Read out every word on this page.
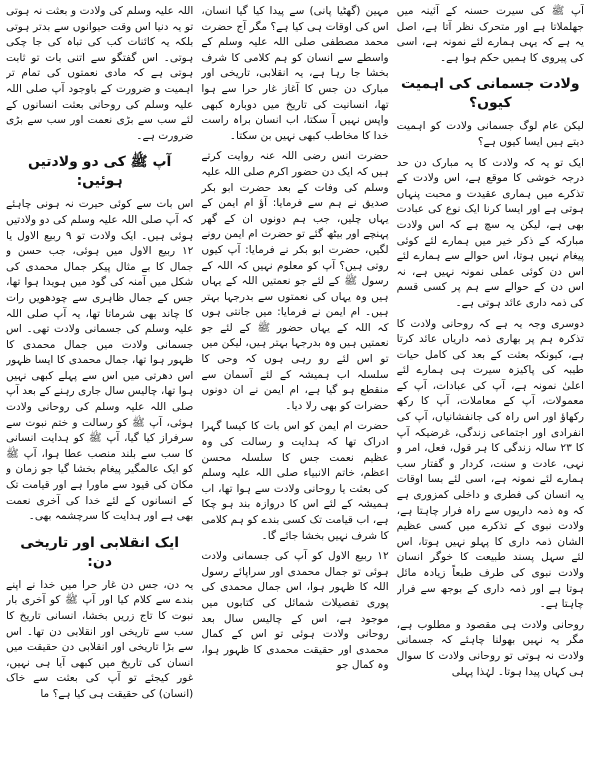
اللہ علیہ وسلم کی ولادت و بعثت نہ ہوتی تو یہ دنیا اس وقت حیوانوں سے بدتر ہوتی بلکہ یہ کائنات کب کی تباہ کی جا چکی ہوتی۔ اس گفتگو سے اتنی بات تو ثابت ہوتی ہے کہ مادی نعمتوں کی تمام تر اہمیت و ضرورت کے باوجود آپ صلی اللہ علیہ وسلم کی روحانی بعثت انسانوں کے لئے سب سے بڑی نعمت اور سب سے بڑی ضرورت ہے۔

آپ ﷺ کی دو ولادتیں ہوئیں:

اس بات سے کوئی حیرت نہ ہونی چاہئے کہ آپ صلی اللہ علیہ وسلم کی دو ولادتیں ہوئی ہیں۔ ایک ولادت تو ۹ ربیع الاول یا ۱۲ ربیع الاول میں ہوئی، جب حسن و جمال کا بے مثال پیکر جمال محمدی کی شکل میں آمنہ کی گود میں ہویدا ہوا تھا، جس کے جمال ظاہری سے چودھویں رات کا چاند بھی شرماتا تھا، یہ آپ صلی اللہ علیہ وسلم کی جسمانی ولادت تھی۔ اس جسمانی ولادت میں جمال محمدی کا ظہور ہوا تھا، جمال محمدی کا ایسا ظہور اس دھرتی میں اس سے پہلے کبھی نہیں ہوا تھا، چالیس سال جاری رہنے کے بعد آپ صلی اللہ علیہ وسلم کی روحانی ولادت ہوئی، آپ ﷺ کو رسالت و ختم نبوت سے سرفراز کیا گیا، آپ ﷺ کو ہدایت انسانی کا سب سے بلند منصب عطا ہوا، آپ ﷺ کو ایک عالمگیر پیغام بخشا گیا جو زمان و مکان کی قیود سے ماورا ہے اور قیامت تک کے انسانوں کے لئے خدا کی آخری نعمت بھی ہے اور ہدایت کا سرچشمہ بھی۔

ایک انقلابی اور تاریخی دن:

یہ دن، جس دن غار حرا میں خدا نے اپنے بندے سے کلام کیا اور آپ ﷺ کو آخری بار نبوت کا تاج زریں بخشا، انسانی تاریخ کا سب سے تاریخی اور انقلابی دن تھا۔ اس سے بڑا تاریخی اور انقلابی دن حقیقت میں انسان کی تاریخ میں کبھی آیا ہی نہیں، غور کیجئے تو آپ کی بعثت سے خاک (انسان) کی حقیقت ہی کیا ہے؟ ما

مہین (گھٹیا پانی) سے پیدا کیا گیا انسان، اس کی اوقات ہی کیا ہے؟ مگر آج حضرت محمد مصطفی صلی اللہ علیہ وسلم کے واسطے سے انسان کو ہم کلامی کا شرف بخشا جا رہا ہے، یہ انقلابی، تاریخی اور مبارک دن جس کا آغاز غار حرا سے ہوا تھا، انسانیت کی تاریخ میں دوبارہ کبھی واپس نہیں آ سکتا، اب انسان براہ راست خدا کا مخاطب کبھی نہیں بن سکتا۔

حضرت انس رضی اللہ عنہ روایت کرتے ہیں کہ ایک دن حضور اکرم صلی اللہ علیہ وسلم کی وفات کے بعد حضرت ابو بکر صدیق نے ہم سے فرمایا: آؤ ام ایمن کے یہاں چلیں، جب ہم دونوں ان کے گھر پہنچے اور بیٹھ گئے تو حضرت ام ایمن رونے لگیں، حضرت ابو بکر نے فرمایا: آپ کیوں روتی ہیں؟ آپ کو معلوم نہیں کہ اللہ کے رسول ﷺ کے لئے جو نعمتیں اللہ کے یہاں ہیں وہ یہاں کی نعمتوں سے بدرجہا بہتر ہیں۔ ام ایمن نے فرمایا: میں جانتی ہوں کہ اللہ کے یہاں حضور ﷺ کے لئے جو نعمتیں ہیں وہ بدرجہا بہتر ہیں، لیکن میں تو اس لئے رو رہی ہوں کہ وحی کا سلسلہ اب ہمیشہ کے لئے آسمان سے منقطع ہو گیا ہے، ام ایمن نے ان دونوں حضرات کو بھی رلا دیا۔

حضرت ام ایمن کو اس بات کا کیسا گہرا ادراک تھا کہ ہدایت و رسالت کی وہ عظیم نعمت جس کا سلسلہ محسن اعظم، خاتم الانبیاء صلی اللہ علیہ وسلم کی بعثت یا روحانی ولادت سے ہوا تھا، اب ہمیشہ کے لئے اس کا دروازہ بند ہو چکا ہے، اب قیامت تک کسی بندے کو ہم کلامی کا شرف نہیں بخشا جائے گا۔

۱۲ ربیع الاول کو آپ کی جسمانی ولادت ہوئی تو جمال محمدی اور سراپائے رسول اللہ کا ظہور ہوا، اس جمال محمدی کی پوری تفصیلات شمائل کی کتابوں میں موجود ہے، اس کے چالیس سال بعد روحانی ولادت ہوئی تو اس کے کمال محمدی اور حقیقت محمدی کا ظہور ہوا، وہ کمال جو

آپ ﷺ کی سیرت حسنہ کے آئینہ میں جھلملاتا ہے اور متحرک نظر آتا ہے، اصل یہ ہے کہ یہی ہمارے لئے نمونہ ہے، اسی کی پیروی کا ہمیں حکم ہوا ہے۔

ولادت جسمانی کی اہمیت کیوں؟

لیکن عام لوگ جسمانی ولادت کو اہمیت دیتے ہیں ایسا کیوں ہے؟

ایک تو یہ کہ ولادت کا یہ مبارک دن حد درجہ خوشی کا موقع ہے، اس ولادت کے تذکرے میں ہماری عقیدت و محبت پنہاں ہوتی ہے اور ایسا کرنا ایک نوع کی عبادت بھی ہے، لیکن یہ سچ ہے کہ اس ولادت مبارکہ کے ذکر خیر میں ہمارے لئے کوئی پیغام نہیں ہوتا، اس حوالے سے ہمارے لئے اس دن کوئی عملی نمونہ نہیں ہے، نہ اس دن کے حوالے سے ہم پر کسی قسم کی ذمہ داری عائد ہوتی ہے۔

دوسری وجہ یہ ہے کہ روحانی ولادت کا تذکرہ ہم پر بھاری ذمہ داریاں عائد کرتا ہے، کیونکہ بعثت کے بعد کی کامل حیات طیبہ کی پاکیزہ سیرت ہی ہمارے لئے اعلیٰ نمونہ ہے، آپ کی عبادات، آپ کے معمولات، آپ کے معاملات، آپ کا رکھ رکھاؤ اور اس راہ کی جانفشانیاں، آپ کی انفرادی اور اجتماعی زندگی، غرضیکہ آپ کا ۲۳ سالہ زندگی کا ہر قول، فعل، امر و نہی، عادت و سنت، کردار و گفتار سب ہمارے لئے نمونہ ہے، اسی لئے بسا اوقات یہ انسان کی فطری و داخلی کمزوری ہے کہ وہ ذمہ داریوں سے راہ فرار چاہتا ہے، ولادت نبوی کے تذکرے میں کسی عظیم الشان ذمہ داری کا پہلو نہیں ہوتا، اس لئے سہل پسند طبیعت کا خوگر انسان ولادت نبوی کی طرف طبعاً زیادہ مائل ہوتا ہے اور ذمہ داری کے بوجھ سے فرار چاہتا ہے۔

روحانی ولادت ہی مقصود و مطلوب ہے، مگر یہ نہیں بھولنا چاہئے کہ جسمانی ولادت نہ ہوتی تو روحانی ولادت کا سوال ہی کہاں پیدا ہوتا۔ لہٰذا پہلی
